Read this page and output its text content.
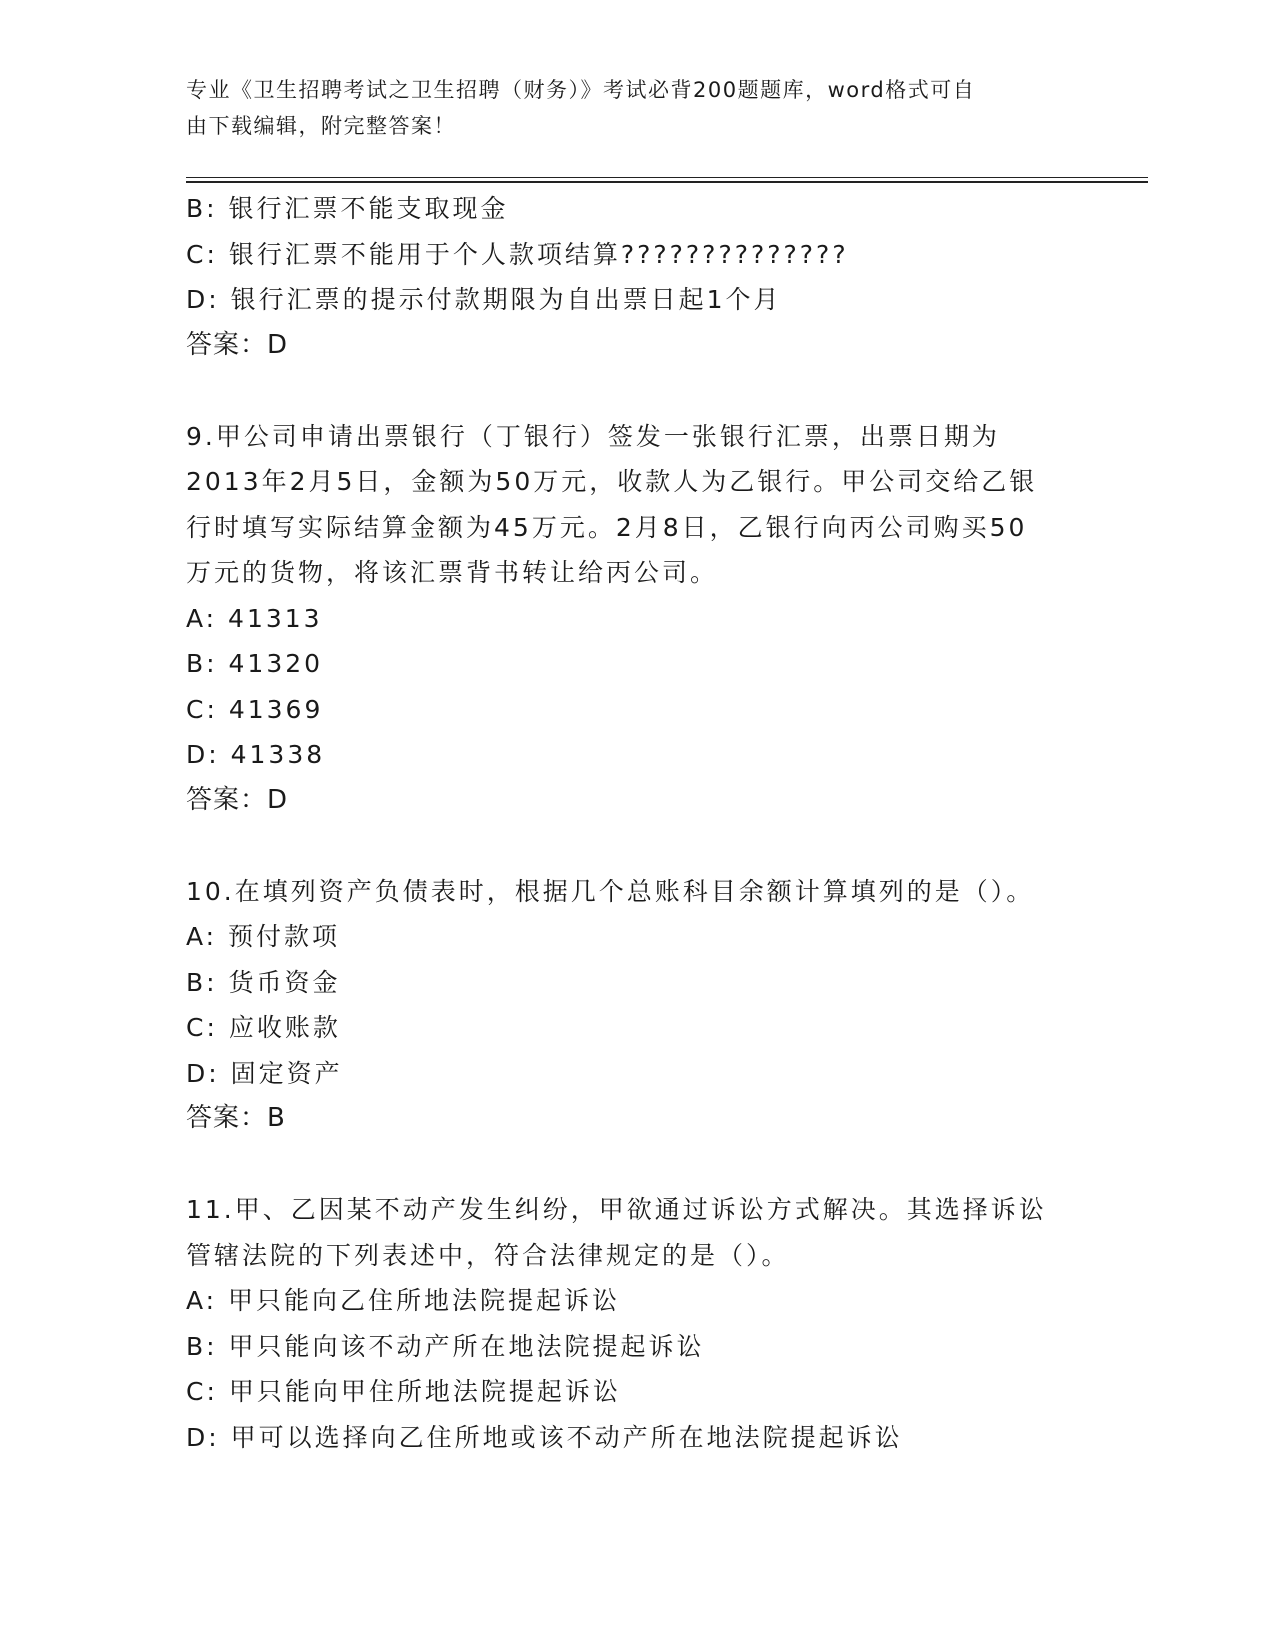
专业《卫生招聘考试之卫生招聘（财务）》考试必背200题题库，word格式可自
由下载编辑，附完整答案！
B: 银行汇票不能支取现金
C: 银行汇票不能用于个人款项结算??????????????
D: 银行汇票的提示付款期限为自出票日起1个月
答案：D
9.甲公司申请出票银行（丁银行）签发一张银行汇票，出票日期为
2013年2月5日，金额为50万元，收款人为乙银行。甲公司交给乙银
行时填写实际结算金额为45万元。2月8日，乙银行向丙公司购买50
万元的货物，将该汇票背书转让给丙公司。
A: 41313
B: 41320
C: 41369
D: 41338
答案：D
10.在填列资产负债表时，根据几个总账科目余额计算填列的是（）。
A: 预付款项
B: 货币资金
C: 应收账款
D: 固定资产
答案：B
11.甲、乙因某不动产发生纠纷，甲欲通过诉讼方式解决。其选择诉讼
管辖法院的下列表述中，符合法律规定的是（）。
A: 甲只能向乙住所地法院提起诉讼
B: 甲只能向该不动产所在地法院提起诉讼
C: 甲只能向甲住所地法院提起诉讼
D: 甲可以选择向乙住所地或该不动产所在地法院提起诉讼
